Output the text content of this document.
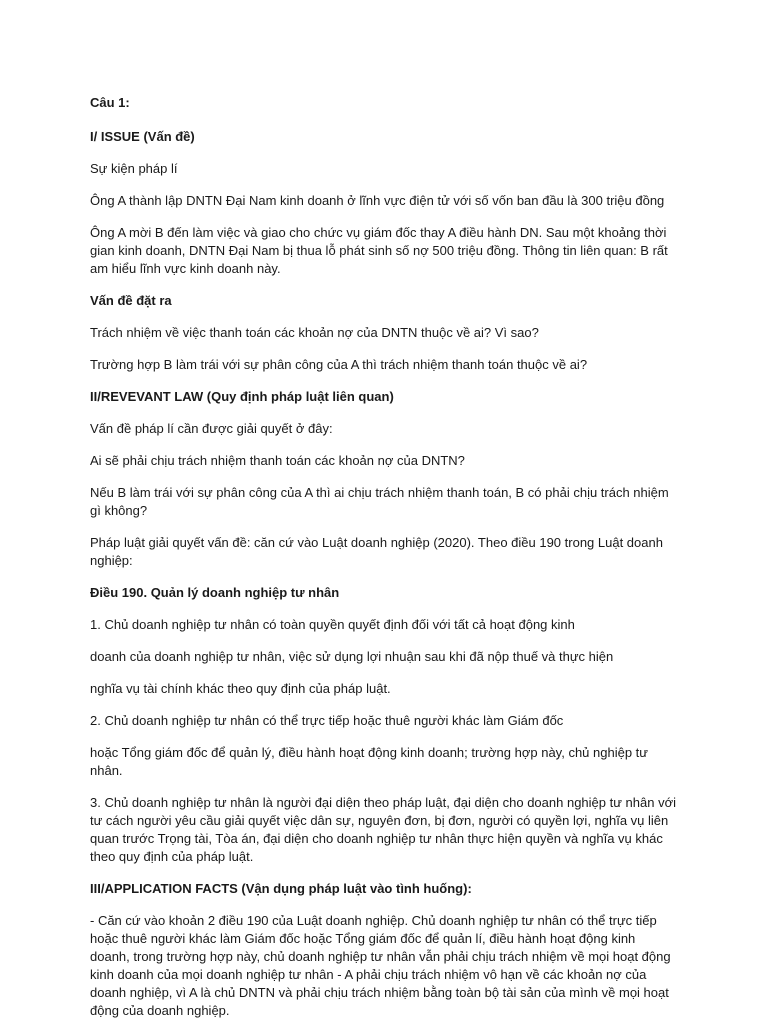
Câu 1:

I/ ISSUE (Vấn đề)

Sự kiện pháp lí

Ông A thành lập DNTN Đại Nam kinh doanh ở lĩnh vực điện tử với số vốn ban đầu là 300 triệu đồng

Ông A mời B đến làm việc và giao cho chức vụ giám đốc thay A điều hành DN. Sau một khoảng thời gian kinh doanh, DNTN Đại Nam bị thua lỗ phát sinh số nợ 500 triệu đồng. Thông tin liên quan: B rất am hiểu lĩnh vực kinh doanh này.

Vấn đề đặt ra

Trách nhiệm về việc thanh toán các khoản nợ của DNTN thuộc về ai? Vì sao?

Trường hợp B làm trái với sự phân công của A thì trách nhiệm thanh toán thuộc về ai?

II/REVEVANT LAW (Quy định pháp luật liên quan)

Vấn đề pháp lí cần được giải quyết ở đây:

Ai sẽ phải chịu trách nhiệm thanh toán các khoản nợ của DNTN?

Nếu B làm trái với sự phân công của A thì ai chịu trách nhiệm thanh toán, B có phải chịu trách nhiệm gì không?

Pháp luật giải quyết vấn đề: căn cứ vào Luật doanh nghiệp (2020). Theo điều 190 trong Luật doanh nghiệp:

Điều 190. Quản lý doanh nghiệp tư nhân

1. Chủ doanh nghiệp tư nhân có toàn quyền quyết định đối với tất cả hoạt động kinh

doanh của doanh nghiệp tư nhân, việc sử dụng lợi nhuận sau khi đã nộp thuế và thực hiện

nghĩa vụ tài chính khác theo quy định của pháp luật.

2. Chủ doanh nghiệp tư nhân có thể trực tiếp hoặc thuê người khác làm Giám đốc

hoặc Tổng giám đốc để quản lý, điều hành hoạt động kinh doanh; trường hợp này, chủ nghiệp tư nhân.

3. Chủ doanh nghiệp tư nhân là người đại diện theo pháp luật, đại diện cho doanh nghiệp tư nhân với tư cách người yêu cầu giải quyết việc dân sự, nguyên đơn, bị đơn, người có quyền lợi, nghĩa vụ liên quan trước Trọng tài, Tòa án, đại diện cho doanh nghiệp tư nhân thực hiện quyền và nghĩa vụ khác theo quy định của pháp luật.

III/APPLICATION FACTS (Vận dụng pháp luật vào tình huống):

- Căn cứ vào khoản 2 điều 190 của Luật doanh nghiệp. Chủ doanh nghiệp tư nhân có thể trực tiếp hoặc thuê người khác làm Giám đốc hoặc Tổng giám đốc để quản lí, điều hành hoạt động kinh doanh, trong trường hợp này, chủ doanh nghiệp tư nhân vẫn phải chịu trách nhiệm về mọi hoạt động kinh doanh của mọi doanh nghiệp tư nhân - A phải chịu trách nhiệm vô hạn về các khoản nợ của doanh nghiệp, vì A là chủ DNTN và phải chịu trách nhiệm bằng toàn bộ tài sản của mình về mọi hoạt động của doanh nghiệp.
